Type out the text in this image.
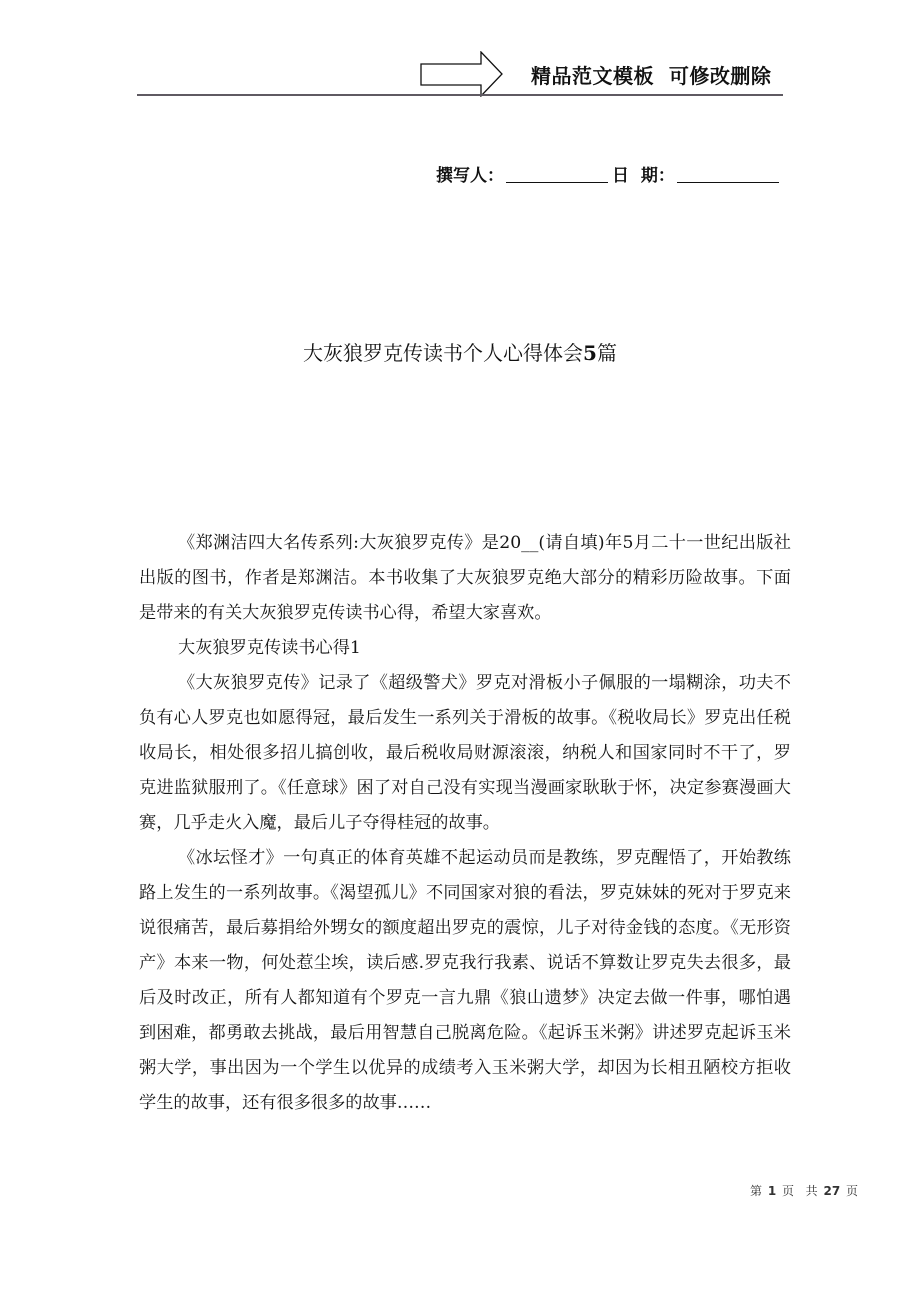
精品范文模板  可修改删除
撰写人：	日  期：
大灰狼罗克传读书个人心得体会5篇

《郑渊洁四大名传系列:大灰狼罗克传》是20__(请自填)年5月二十一世纪出版社出版的图书，作者是郑渊洁。本书收集了大灰狼罗克绝大部分的精彩历险故事。下面是带来的有关大灰狼罗克传读书心得，希望大家喜欢。

大灰狼罗克传读书心得1

《大灰狼罗克传》记录了《超级警犬》罗克对滑板小子佩服的一塌糊涂，功夫不负有心人罗克也如愿得冠，最后发生一系列关于滑板的故事。《税收局长》罗克出任税收局长，相处很多招儿搞创收，最后税收局财源滚滚，纳税人和国家同时不干了，罗克进监狱服刑了。《任意球》困了对自己没有实现当漫画家耿耿于怀，决定参赛漫画大赛，几乎走火入魔，最后儿子夺得桂冠的故事。

《冰坛怪才》一句真正的体育英雄不起运动员而是教练，罗克醒悟了，开始教练路上发生的一系列故事。《渴望孤儿》不同国家对狼的看法，罗克妹妹的死对于罗克来说很痛苦，最后募捐给外甥女的额度超出罗克的震惊，儿子对待金钱的态度。《无形资产》本来一物，何处惹尘埃，读后感.罗克我行我素、说话不算数让罗克失去很多，最后及时改正，所有人都知道有个罗克一言九鼎《狼山遗梦》决定去做一件事，哪怕遇到困难，都勇敢去挑战，最后用智慧自己脱离危险。《起诉玉米粥》讲述罗克起诉玉米粥大学，事出因为一个学生以优异的成绩考入玉米粥大学，却因为长相丑陋校方拒收学生的故事，还有很多很多的故事……

第 1 页  共 27 页
